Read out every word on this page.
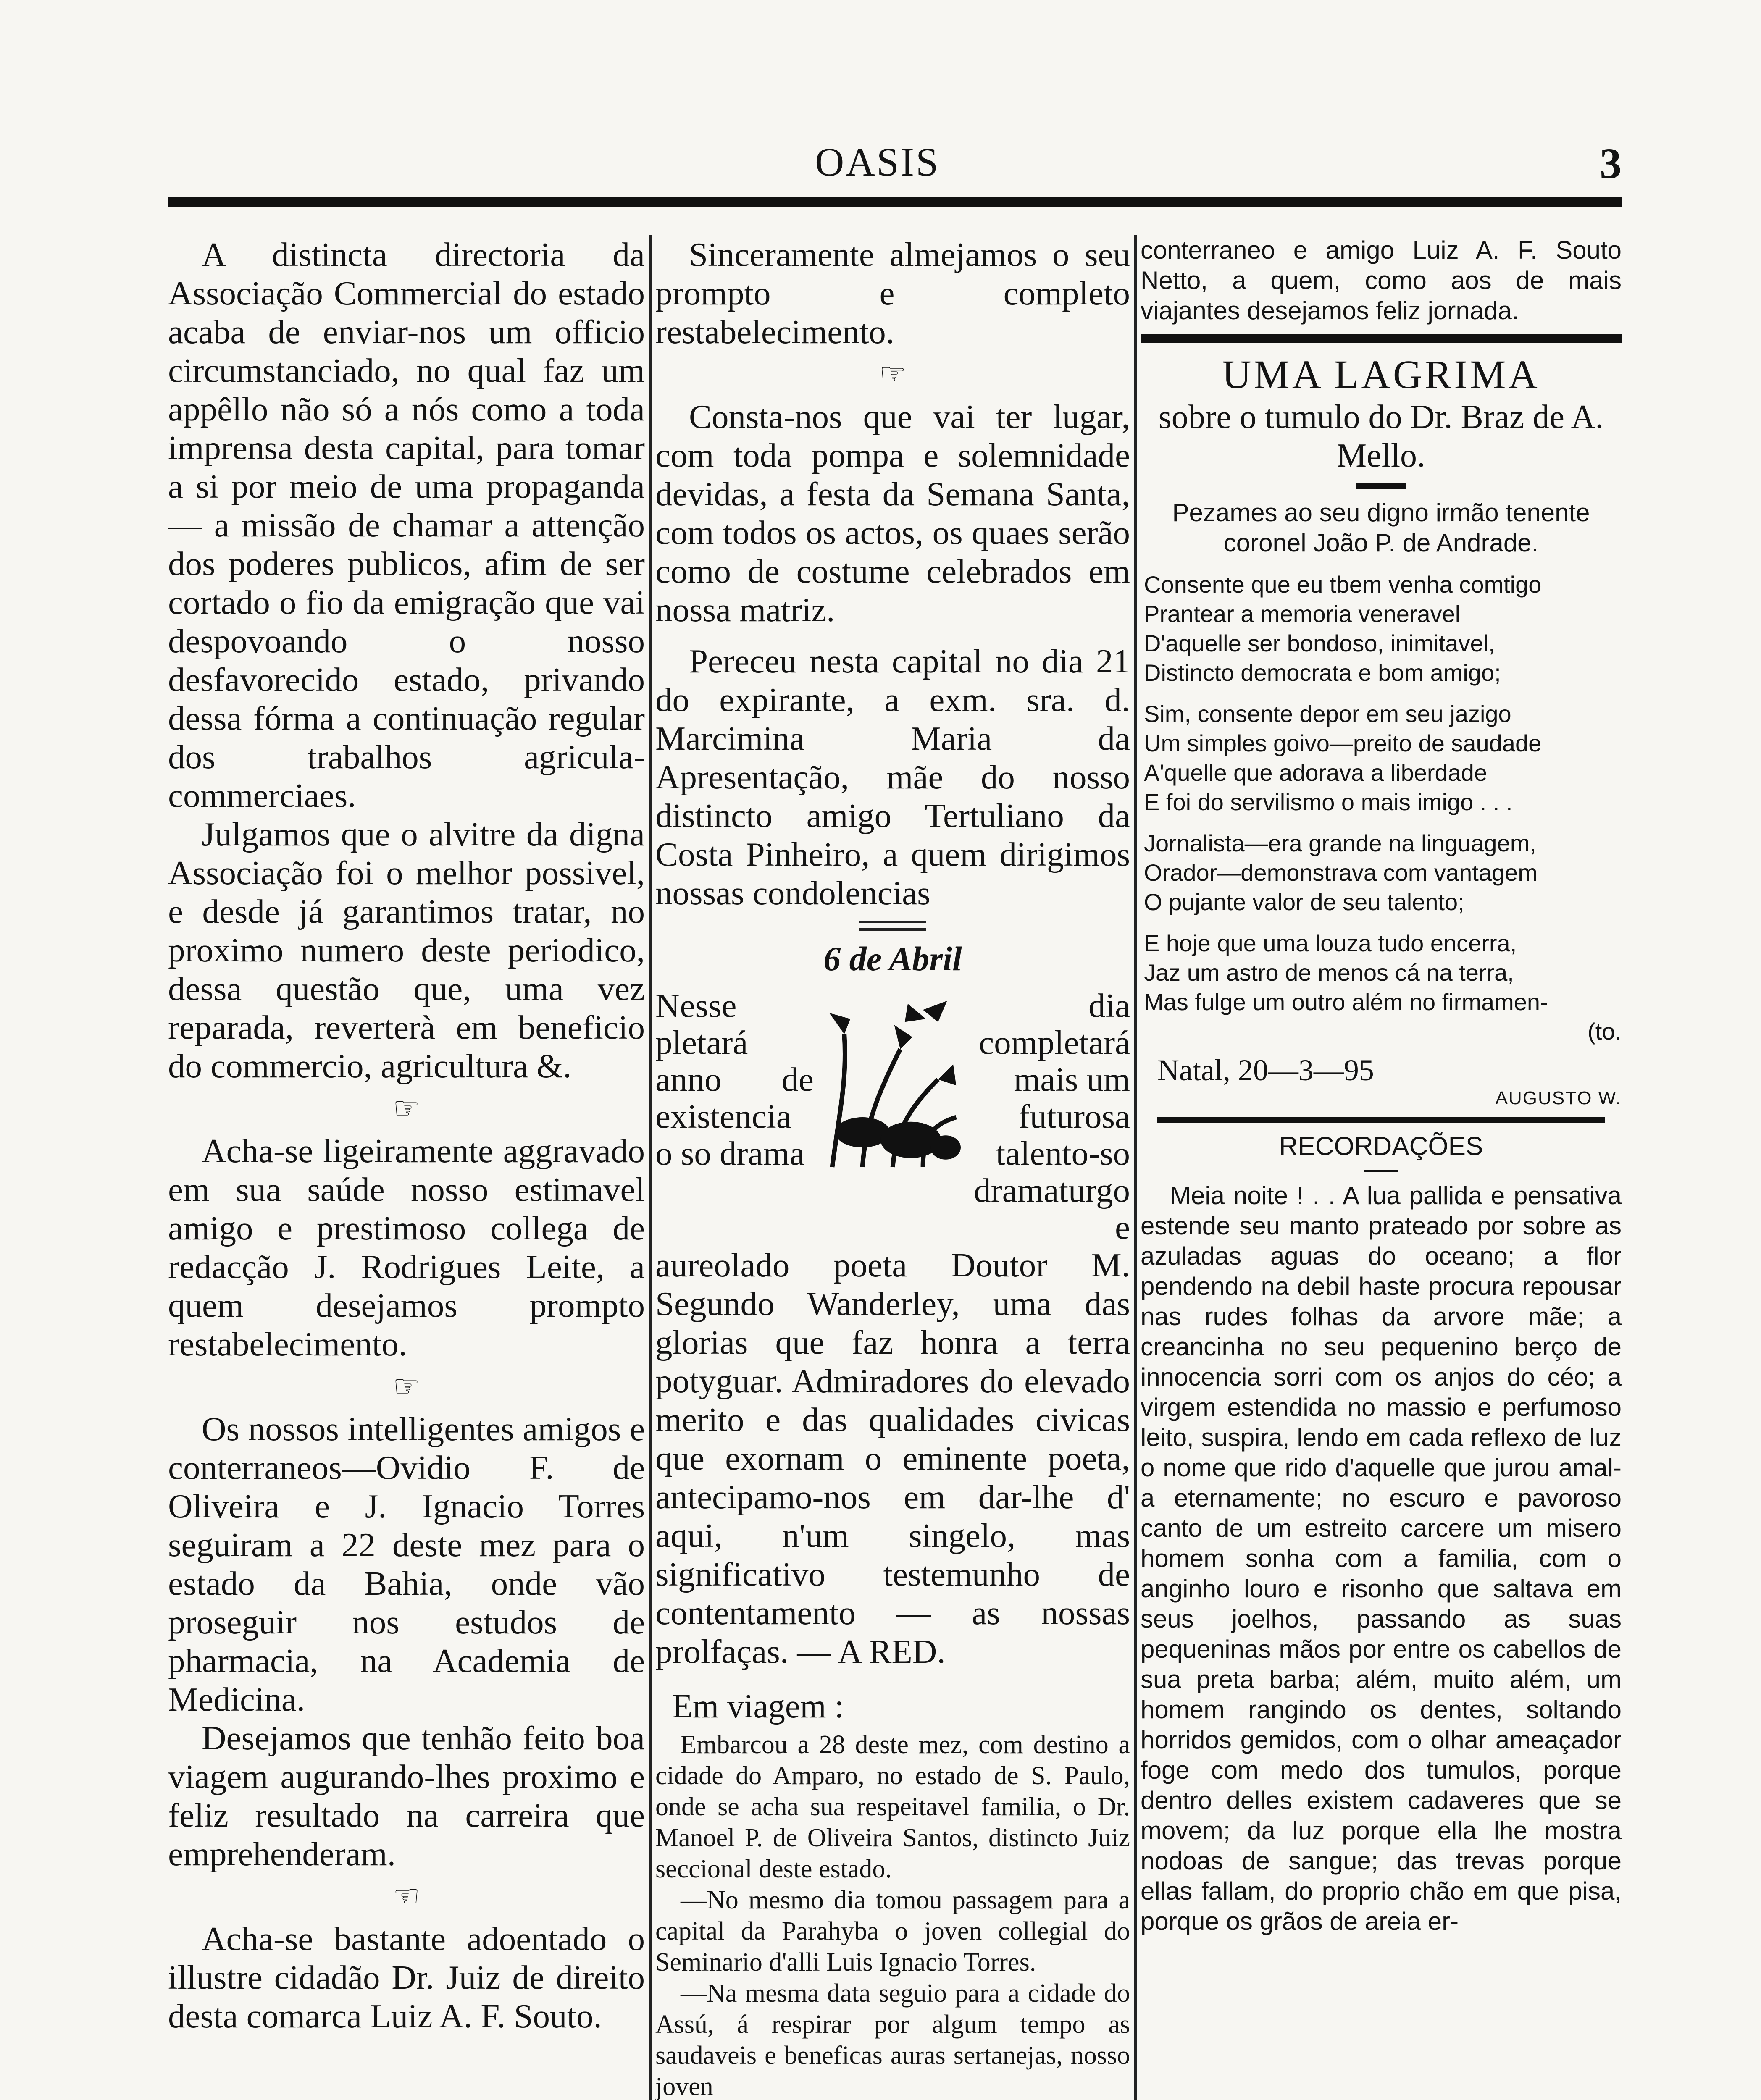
OASIS	3

A distincta directoria da Associação Commercial do estado acaba de enviar-nos um officio circumstanciado, no qual faz um appêllo não só a nós como a toda imprensa desta capital, para tomar a si por meio de uma propaganda— a missão de chamar a attenção dos poderes publicos, afim de ser cortado o fio da emigração que vai despovoando o nosso desfavorecido estado, privando dessa fórma a continuação regular dos trabalhos agricula-commerciaes.

Julgamos que o alvitre da digna Associação foi o melhor possivel, e desde já garantimos tratar, no proximo numero deste periodico, dessa questão que, uma vez reparada, reverterà em beneficio do commercio, agricultura &.

☞

Acha-se ligeiramente aggravado em sua saúde nosso estimavel amigo e prestimoso collega de redacção J. Rodrigues Leite, a quem desejamos prompto restabelecimento.

☞

Os nossos intelligentes amigos e conterraneos—Ovidio F. de Oliveira e J. Ignacio Torres seguiram a 22 deste mez para o estado da Bahia, onde vão proseguir nos estudos de pharmacia, na Academia de Medicina.

Desejamos que tenhão feito boa viagem augurando-lhes proximo e feliz resultado na carreira que emprehenderam.

☜

Acha-se bastante adoentado o illustre cidadão Dr. Juiz de direito desta comarca Luiz A. F. Souto.

Sinceramente almejamos o seu prompto e completo restabelecimento.

☞

Consta-nos que vai ter lugar, com toda pompa e solemnidade devidas, a festa da Semana Santa, com todos os actos, os quaes serão como de costume celebrados em nossa matriz.

Pereceu nesta capital no dia 21 do expirante, a exm. sra. d. Marcimina Maria da Apresentação, mãe do nosso distincto amigo Tertuliano da Costa Pinheiro, a quem dirigimos nossas condolencias

6 de Abril

Nesse pletará anno de existencia o so drama

dia completará mais um futurosa talento-so dramaturgo e

aureolado poeta Doutor M. Segundo Wanderley, uma das glorias que faz honra a terra potyguar. Admiradores do elevado merito e das qualidades civicas que exornam o eminente poeta, antecipamo-nos em dar-lhe d' aqui, n'um singelo, mas significativo testemunho de contentamento — as nossas prolfaças. — A RED.

Em viagem :

Embarcou a 28 deste mez, com destino a cidade do Amparo, no estado de S. Paulo, onde se acha sua respeitavel familia, o Dr. Manoel P. de Oliveira Santos, distincto Juiz seccional deste estado.

—No mesmo dia tomou passagem para a capital da Parahyba o joven collegial do Seminario d'alli Luis Ignacio Torres.

—Na mesma data seguio para a cidade do Assú, á respirar por algum tempo as saudaveis e beneficas auras sertanejas, nosso joven

conterraneo e amigo Luiz A. F. Souto Netto, a quem, como aos de mais viajantes desejamos feliz jornada.

UMA LAGRIMA
sobre o tumulo do Dr. Braz de A. Mello.
Pezames ao seu digno irmão tenente coronel João P. de Andrade.
Consente que eu tbem venha comtigo
Prantear a memoria veneravel
D'aquelle ser bondoso, inimitavel,
Distincto democrata e bom amigo;
Sim, consente depor em seu jazigo
Um simples goivo—preito de saudade
A'quelle que adorava a liberdade
E foi do servilismo o mais imigo . . .
Jornalista—era grande na linguagem,
Orador—demonstrava com vantagem
O pujante valor de seu talento;
E hoje que uma louza tudo encerra,
Jaz um astro de menos cá na terra,
Mas fulge um outro além no firmamen-
(to.
Natal, 20—3—95
AUGUSTO W.
RECORDAÇÕES

Meia noite ! . . A lua pallida e pensativa estende seu manto prateado por sobre as azuladas aguas do oceano; a flor pendendo na debil haste procura repousar nas rudes folhas da arvore mãe; a creancinha no seu pequenino berço de innocencia sorri com os anjos do céo; a virgem estendida no massio e perfumoso leito, suspira, lendo em cada reflexo de luz o nome que rido d'aquelle que jurou amal-a eternamente; no escuro e pavoroso canto de um estreito carcere um misero homem sonha com a familia, com o anginho louro e risonho que saltava em seus joelhos, passando as suas pequeninas mãos por entre os cabellos de sua preta barba; além, muito além, um homem rangindo os dentes, soltando horridos gemidos, com o olhar ameaçador foge com medo dos tumulos, porque dentro delles existem cadaveres que se movem; da luz porque ella lhe mostra nodoas de sangue; das trevas porque ellas fallam, do proprio chão em que pisa, porque os grãos de areia er-
